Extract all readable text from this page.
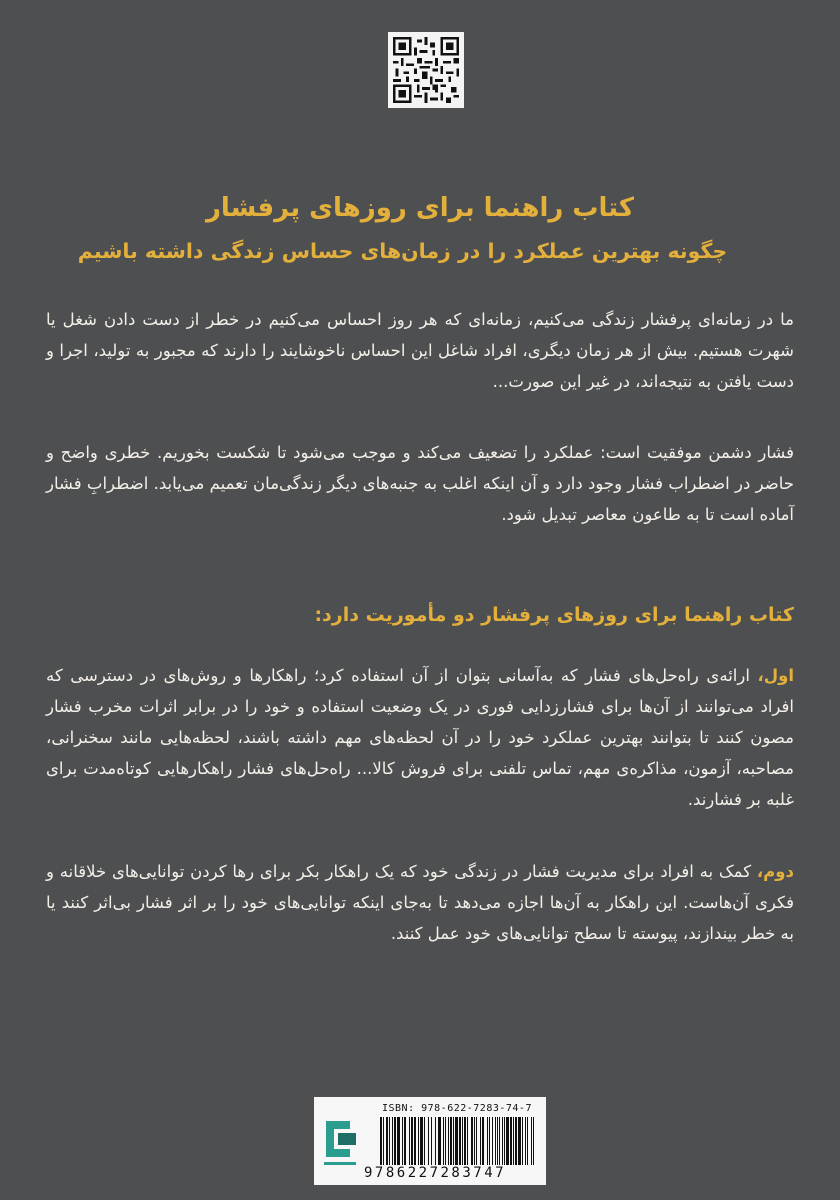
کتاب راهنما برای روزهای پرفشار
چگونه بهترین عملکرد را در زمان‌های حساس زندگی داشته باشیم
ما در زمانه‌ای پرفشار زندگی می‌کنیم، زمانه‌ای که هر روز احساس می‌کنیم در خطر از دست دادن شغل یا شهرت هستیم. بیش از هر زمان دیگری، افراد شاغل این احساس ناخوشایند را دارند که مجبور به تولید، اجرا و دست یافتن به نتیجه‌اند، در غیر این صورت...
فشار دشمن موفقیت است: عملکرد را تضعیف می‌کند و موجب می‌شود تا شکست بخوریم. خطری واضح و حاضر در اضطراب فشار وجود دارد و آن اینکه اغلب به جنبه‌های دیگر زندگی‌مان تعمیم می‌یابد. اضطرابِ فشار آماده است تا به طاعون معاصر تبدیل شود.
کتاب راهنما برای روزهای پرفشار دو مأموریت دارد:
اول، ارائه‌ی راه‌حل‌های فشار که به‌آسانی بتوان از آن استفاده کرد؛ راهکارها و روش‌های در دسترسی که افراد می‌توانند از آن‌ها برای فشارزدایی فوری در یک وضعیت استفاده و خود را در برابر اثرات مخرب فشار مصون کنند تا بتوانند بهترین عملکرد خود را در آن لحظه‌های مهم داشته باشند، لحظه‌هایی مانند سخنرانی، مصاحبه، آزمون، مذاکره‌ی مهم، تماس تلفنی برای فروش کالا... راه‌حل‌های فشار راهکارهایی کوتاه‌مدت برای غلبه بر فشارند.
دوم، کمک به افراد برای مدیریت فشار در زندگی خود که یک راهکار بکر برای رها کردن توانایی‌های خلاقانه و فکری آن‌هاست. این راهکار به آن‌ها اجازه می‌دهد تا به‌جای اینکه توانایی‌های خود را بر اثر فشار بی‌اثر کنند یا به خطر بیندازند، پیوسته تا سطح توانایی‌های خود عمل کنند.
ISBN: 978-622-7283-74-7
9786227283747
